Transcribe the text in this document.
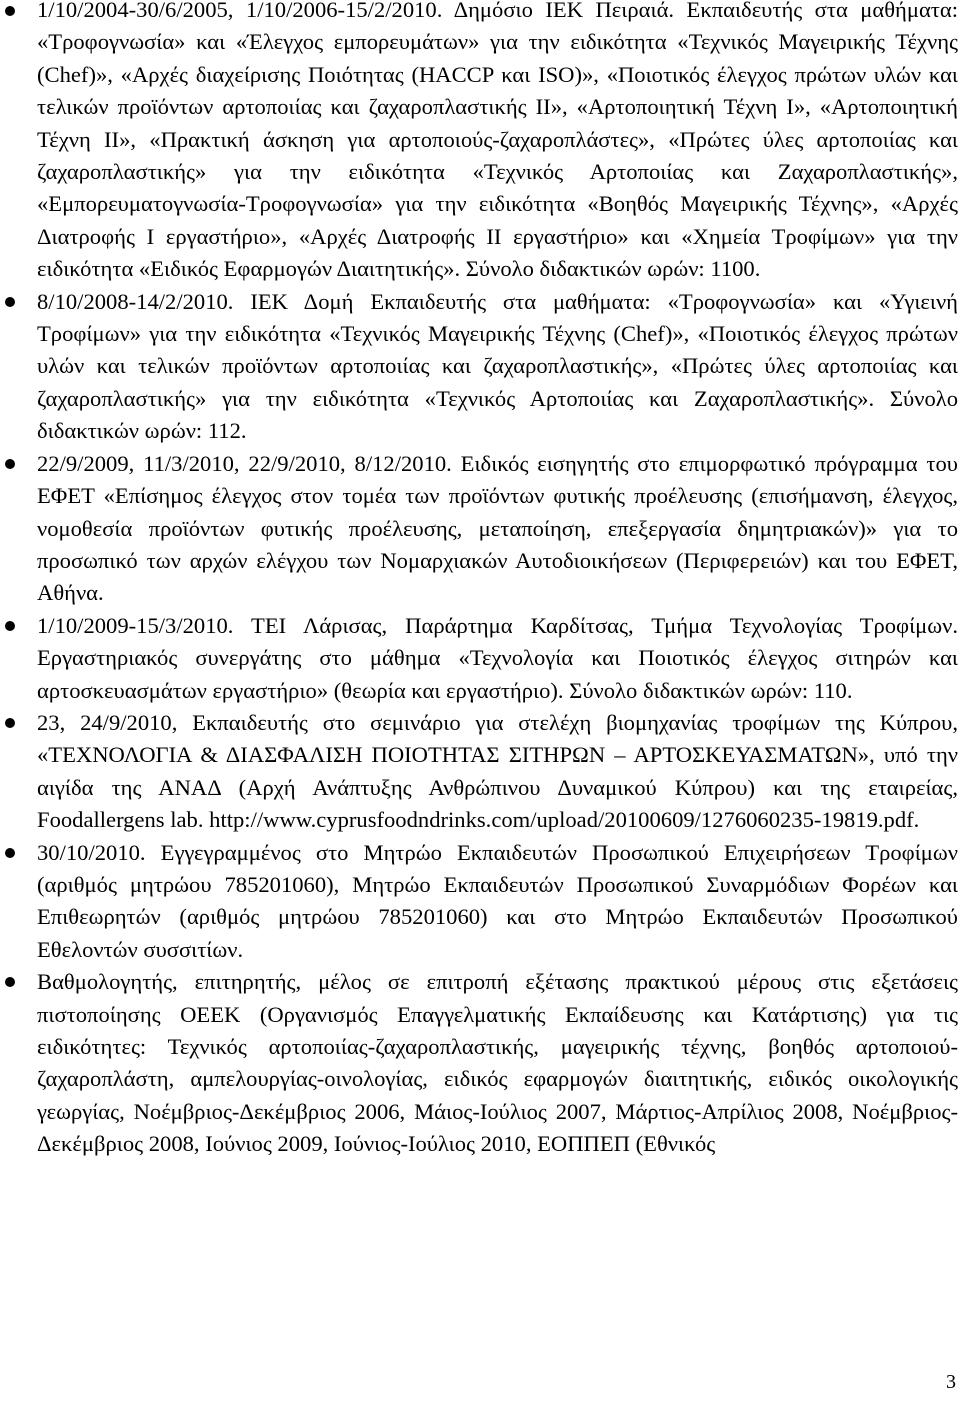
1/10/2004-30/6/2005, 1/10/2006-15/2/2010. Δημόσιο ΙΕΚ Πειραιά. Εκπαιδευτής στα μαθήματα: «Τροφογνωσία» και «Έλεγχος εμπορευμάτων» για την ειδικότητα «Τεχνικός Μαγειρικής Τέχνης (Chef)», «Αρχές διαχείρισης Ποιότητας (HACCP και ISO)», «Ποιοτικός έλεγχος πρώτων υλών και τελικών προϊόντων αρτοποιίας και ζαχαροπλαστικής ΙΙ», «Αρτοποιητική Τέχνη Ι», «Αρτοποιητική Τέχνη ΙΙ», «Πρακτική άσκηση για αρτοποιούς-ζαχαροπλάστες», «Πρώτες ύλες αρτοποιίας και ζαχαροπλαστικής» για την ειδικότητα «Τεχνικός Αρτοποιίας και Ζαχαροπλαστικής», «Εμπορευματογνωσία-Τροφογνωσία» για την ειδικότητα «Βοηθός Μαγειρικής Τέχνης», «Αρχές Διατροφής Ι εργαστήριο», «Αρχές Διατροφής ΙΙ εργαστήριο» και «Χημεία Τροφίμων» για την ειδικότητα «Ειδικός Εφαρμογών Διαιτητικής». Σύνολο διδακτικών ωρών: 1100.
8/10/2008-14/2/2010. ΙΕΚ Δομή Εκπαιδευτής στα μαθήματα: «Τροφογνωσία» και «Υγιεινή Τροφίμων» για την ειδικότητα «Τεχνικός Μαγειρικής Τέχνης (Chef)», «Ποιοτικός έλεγχος πρώτων υλών και τελικών προϊόντων αρτοποιίας και ζαχαροπλαστικής», «Πρώτες ύλες αρτοποιίας και ζαχαροπλαστικής» για την ειδικότητα «Τεχνικός Αρτοποιίας και Ζαχαροπλαστικής». Σύνολο διδακτικών ωρών: 112.
22/9/2009, 11/3/2010, 22/9/2010, 8/12/2010. Ειδικός εισηγητής στο επιμορφωτικό πρόγραμμα του ΕΦΕΤ «Επίσημος έλεγχος στον τομέα των προϊόντων φυτικής προέλευσης (επισήμανση, έλεγχος, νομοθεσία προϊόντων φυτικής προέλευσης, μεταποίηση, επεξεργασία δημητριακών)» για το προσωπικό των αρχών ελέγχου των Νομαρχιακών Αυτοδιοικήσεων (Περιφερειών) και του ΕΦΕΤ, Αθήνα.
1/10/2009-15/3/2010. ΤΕΙ Λάρισας, Παράρτημα Καρδίτσας, Τμήμα Τεχνολογίας Τροφίμων. Εργαστηριακός συνεργάτης στο μάθημα «Τεχνολογία και Ποιοτικός έλεγχος σιτηρών και αρτοσκευασμάτων εργαστήριο» (θεωρία και εργαστήριο). Σύνολο διδακτικών ωρών: 110.
23, 24/9/2010, Εκπαιδευτής στο σεμινάριο για στελέχη βιομηχανίας τροφίμων της Κύπρου, «ΤΕΧΝΟΛΟΓΙΑ & ΔΙΑΣΦΑΛΙΣΗ ΠΟΙΟΤΗΤΑΣ ΣΙΤΗΡΩΝ – ΑΡΤΟΣΚΕΥΑΣΜΑΤΩΝ», υπό την αιγίδα της ΑΝΑΔ (Αρχή Ανάπτυξης Ανθρώπινου Δυναμικού Κύπρου) και της εταιρείας, Foodallergens lab. http://www.cyprusfoodndrinks.com/upload/20100609/1276060235-19819.pdf.
30/10/2010. Εγγεγραμμένος στο Μητρώο Εκπαιδευτών Προσωπικού Επιχειρήσεων Τροφίμων (αριθμός μητρώου 785201060), Μητρώο Εκπαιδευτών Προσωπικού Συναρμόδιων Φορέων και Επιθεωρητών (αριθμός μητρώου 785201060) και στο Μητρώο Εκπαιδευτών Προσωπικού Εθελοντών συσσιτίων.
Βαθμολογητής, επιτηρητής, μέλος σε επιτροπή εξέτασης πρακτικού μέρους στις εξετάσεις πιστοποίησης ΟΕΕΚ (Οργανισμός Επαγγελματικής Εκπαίδευσης και Κατάρτισης) για τις ειδικότητες: Τεχνικός αρτοποιίας-ζαχαροπλαστικής, μαγειρικής τέχνης, βοηθός αρτοποιού-ζαχαροπλάστη, αμπελουργίας-οινολογίας, ειδικός εφαρμογών διαιτητικής, ειδικός οικολογικής γεωργίας, Νοέμβριος-Δεκέμβριος 2006, Μάιος-Ιούλιος 2007, Μάρτιος-Απρίλιος 2008, Νοέμβριος-Δεκέμβριος 2008, Ιούνιος 2009, Ιούνιος-Ιούλιος 2010, ΕΟΠΠΕΠ (Εθνικός
3
